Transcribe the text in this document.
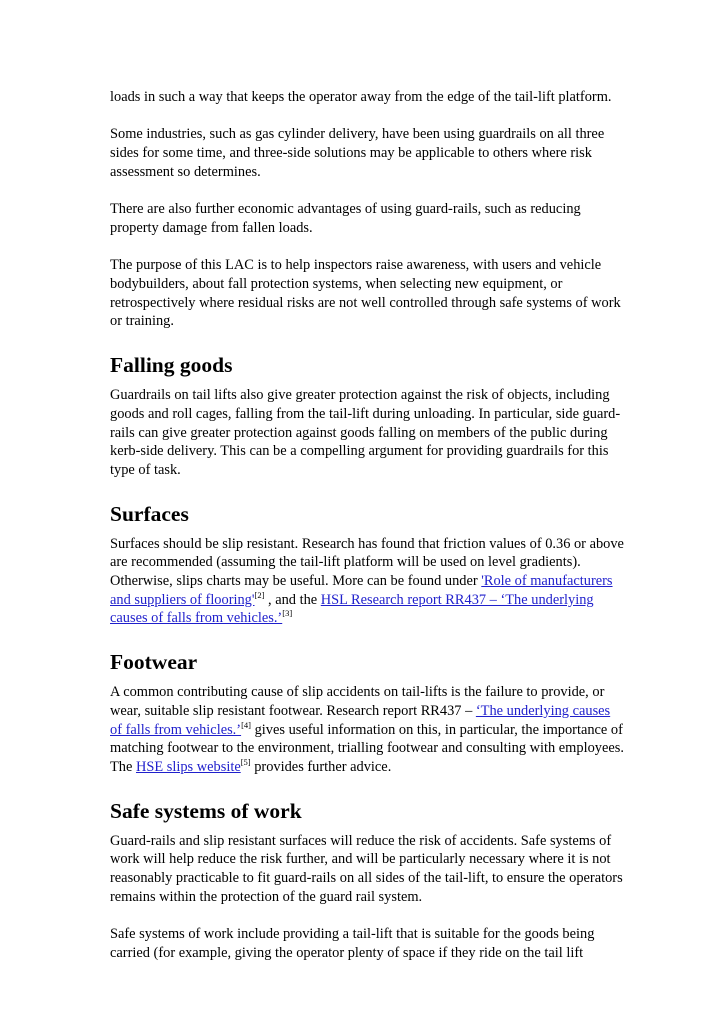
loads in such a way that keeps the operator away from the edge of the tail-lift platform.

Some industries, such as gas cylinder delivery, have been using guardrails on all three sides for some time, and three-side solutions may be applicable to others where risk assessment so determines.

There are also further economic advantages of using guard-rails, such as reducing property damage from fallen loads.

The purpose of this LAC is to help inspectors raise awareness, with users and vehicle bodybuilders, about fall protection systems, when selecting new equipment, or retrospectively where residual risks are not well controlled through safe systems of work or training.

Falling goods

Guardrails on tail lifts also give greater protection against the risk of objects, including goods and roll cages, falling from the tail-lift during unloading. In particular, side guard-rails can give greater protection against goods falling on members of the public during kerb-side delivery. This can be a compelling argument for providing guardrails for this type of task.

Surfaces

Surfaces should be slip resistant. Research has found that friction values of 0.36 or above are recommended (assuming the tail-lift platform will be used on level gradients). Otherwise, slips charts may be useful. More can be found under 'Role of manufacturers and suppliers of flooring'[2] , and the HSL Research report RR437 – ‘The underlying causes of falls from vehicles.’[3]

Footwear

A common contributing cause of slip accidents on tail-lifts is the failure to provide, or wear, suitable slip resistant footwear. Research report RR437 – ‘The underlying causes of falls from vehicles.’[4] gives useful information on this, in particular, the importance of matching footwear to the environment, trialling footwear and consulting with employees. The HSE slips website[5] provides further advice.

Safe systems of work

Guard-rails and slip resistant surfaces will reduce the risk of accidents. Safe systems of work will help reduce the risk further, and will be particularly necessary where it is not reasonably practicable to fit guard-rails on all sides of the tail-lift, to ensure the operators remains within the protection of the guard rail system.

Safe systems of work include providing a tail-lift that is suitable for the goods being carried (for example, giving the operator plenty of space if they ride on the tail lift
